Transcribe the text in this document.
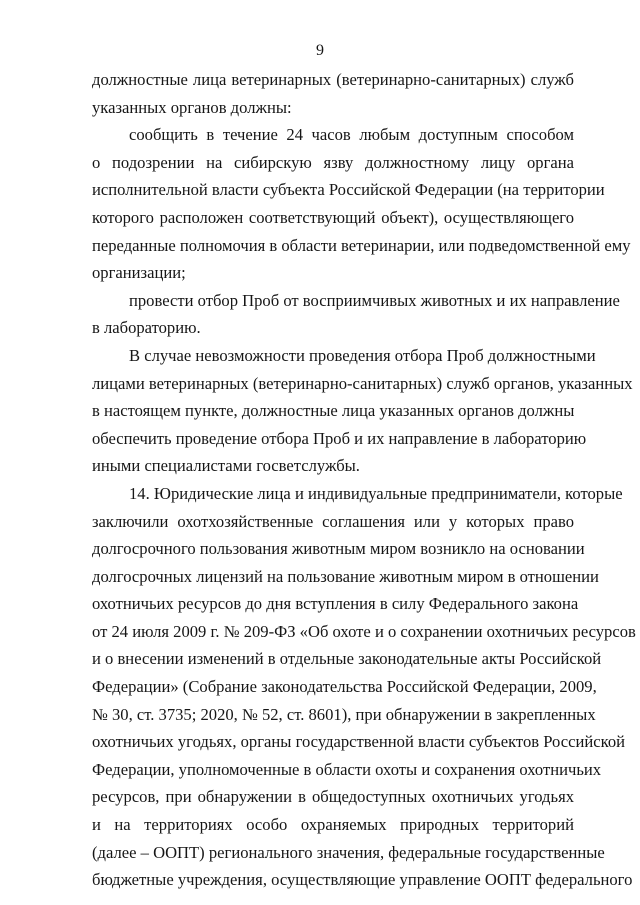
9
должностные лица ветеринарных (ветеринарно-санитарных) служб
указанных органов должны:
сообщить в течение 24 часов любым доступным способом
о подозрении на сибирскую язву должностному лицу органа
исполнительной власти субъекта Российской Федерации (на территории
которого расположен соответствующий объект), осуществляющего
переданные полномочия в области ветеринарии, или подведомственной ему
организации;
провести отбор Проб от восприимчивых животных и их направление
в лабораторию.
В случае невозможности проведения отбора Проб должностными
лицами ветеринарных (ветеринарно-санитарных) служб органов, указанных
в настоящем пункте, должностные лица указанных органов должны
обеспечить проведение отбора Проб и их направление в лабораторию
иными специалистами госветслужбы.
14. Юридические лица и индивидуальные предприниматели, которые
заключили охотхозяйственные соглашения или у которых право
долгосрочного пользования животным миром возникло на основании
долгосрочных лицензий на пользование животным миром в отношении
охотничьих ресурсов до дня вступления в силу Федерального закона
от 24 июля 2009 г. № 209-ФЗ «Об охоте и о сохранении охотничьих ресурсов
и о внесении изменений в отдельные законодательные акты Российской
Федерации» (Собрание законодательства Российской Федерации, 2009,
№ 30, ст. 3735; 2020, № 52, ст. 8601), при обнаружении в закрепленных
охотничьих угодьях, органы государственной власти субъектов Российской
Федерации, уполномоченные в области охоты и сохранения охотничьих
ресурсов, при обнаружении в общедоступных охотничьих угодьях
и на территориях особо охраняемых природных территорий
(далее – ООПТ) регионального значения, федеральные государственные
бюджетные учреждения, осуществляющие управление ООПТ федерального
